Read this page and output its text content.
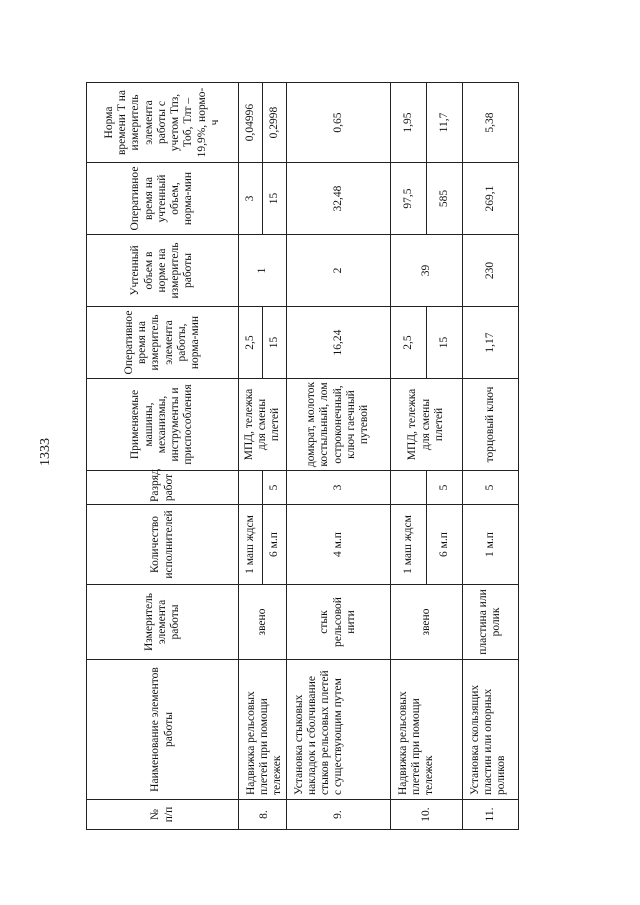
1333
№
п/п	Наименование элементов работы	Измеритель элемента работы	Количество исполнителей	Разряд работ	Применяемые машины, механизмы, инструменты и приспособления	Оперативное время на измеритель элемента работы, норма-мин	Учтенный объем в норме на измеритель работы	Оперативное время на учтенный объем, норма-мин	Норма времени Т на измеритель элемента работы с учетом Тпз, Тоб, Тлт – 19,9%, нормо-ч
8.	Надвижка рельсовых плетей при помощи тележек	звено	1 маш ждсм		МПД, тележка для смены плетей	2,5	1	3	0,04996
			6 м.п	5		15		15	0,2998
9.	Установка стыковых накладок и сболчивание стыков рельсовых плетей с существующим путем	стык рельсовой нити	4 м.п	3	домкрат, молоток костыльный, лом остроконечный, ключ гаечный путевой	16,24	2	32,48	0,65
10.	Надвижка рельсовых плетей при помощи тележек	звено	1 маш ждсм		МПД, тележка для смены плетей	2,5	39	97,5	1,95
			6 м.п	5		15		585	11,7
11.	Установка скользящих пластин или опорных роликов	пластина или ролик	1 м.п	5	торцовый ключ	1,17	230	269,1	5,38
